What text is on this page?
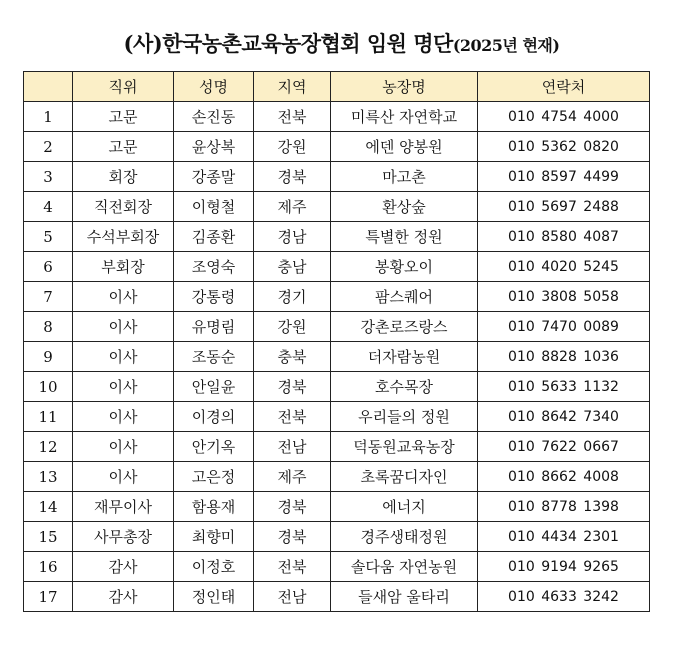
(사)한국농촌교육농장협회 임원 명단(2025년 현재)
	직위	성명	지역	농장명	연락처
1	고문	손진동	전북	미륵산 자연학교	010 4754 4000
2	고문	윤상복	강원	에덴 양봉원	010 5362 0820
3	회장	강종말	경북	마고촌	010 8597 4499
4	직전회장	이형철	제주	환상숲	010 5697 2488
5	수석부회장	김종환	경남	특별한 정원	010 8580 4087
6	부회장	조영숙	충남	봉황오이	010 4020 5245
7	이사	강통령	경기	팜스퀘어	010 3808 5058
8	이사	유명림	강원	강촌로즈랑스	010 7470 0089
9	이사	조동순	충북	더자람농원	010 8828 1036
10	이사	안일윤	경북	호수목장	010 5633 1132
11	이사	이경의	전북	우리들의 정원	010 8642 7340
12	이사	안기옥	전남	덕동원교육농장	010 7622 0667
13	이사	고은정	제주	초록꿈디자인	010 8662 4008
14	재무이사	함용재	경북	에너지	010 8778 1398
15	사무총장	최향미	경북	경주생태정원	010 4434 2301
16	감사	이정호	전북	솔다움 자연농원	010 9194 9265
17	감사	정인태	전남	들새암 울타리	010 4633 3242
